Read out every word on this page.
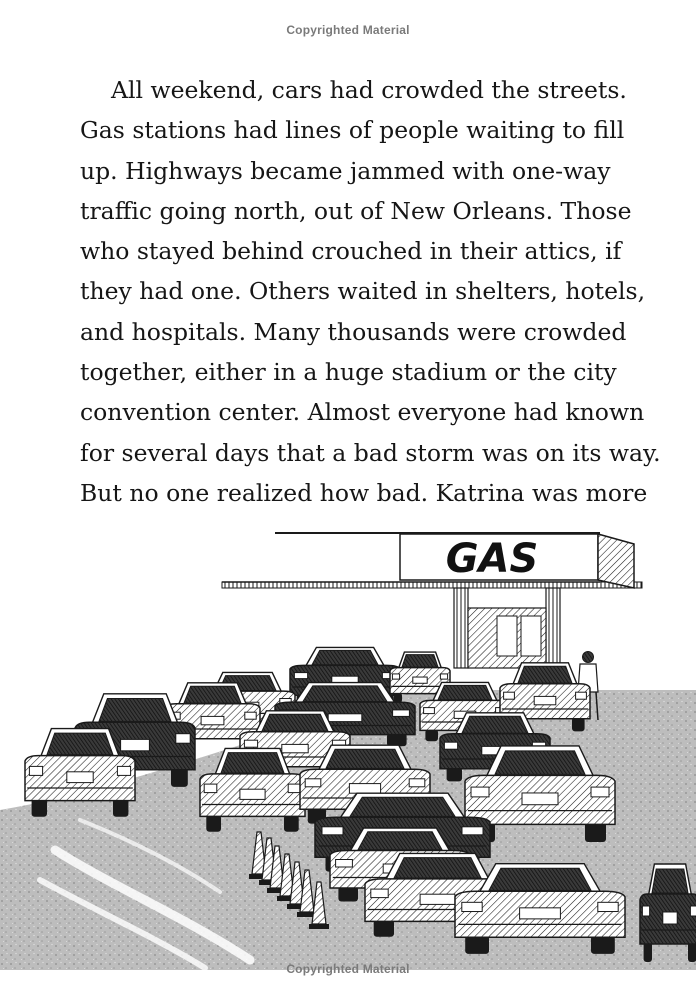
Copyrighted Material
All weekend, cars had crowded the streets.
Gas stations had lines of people waiting to fill
up. Highways became jammed with one-way
traffic going north, out of New Orleans. Those
who stayed behind crouched in their attics, if
they had one. Others waited in shelters, hotels,
and hospitals. Many thousands were crowded
together, either in a huge stadium or the city
convention center. Almost everyone had known
for several days that a bad storm was on its way.
But no one realized how bad. Katrina was more
GAS
Copyrighted Material
